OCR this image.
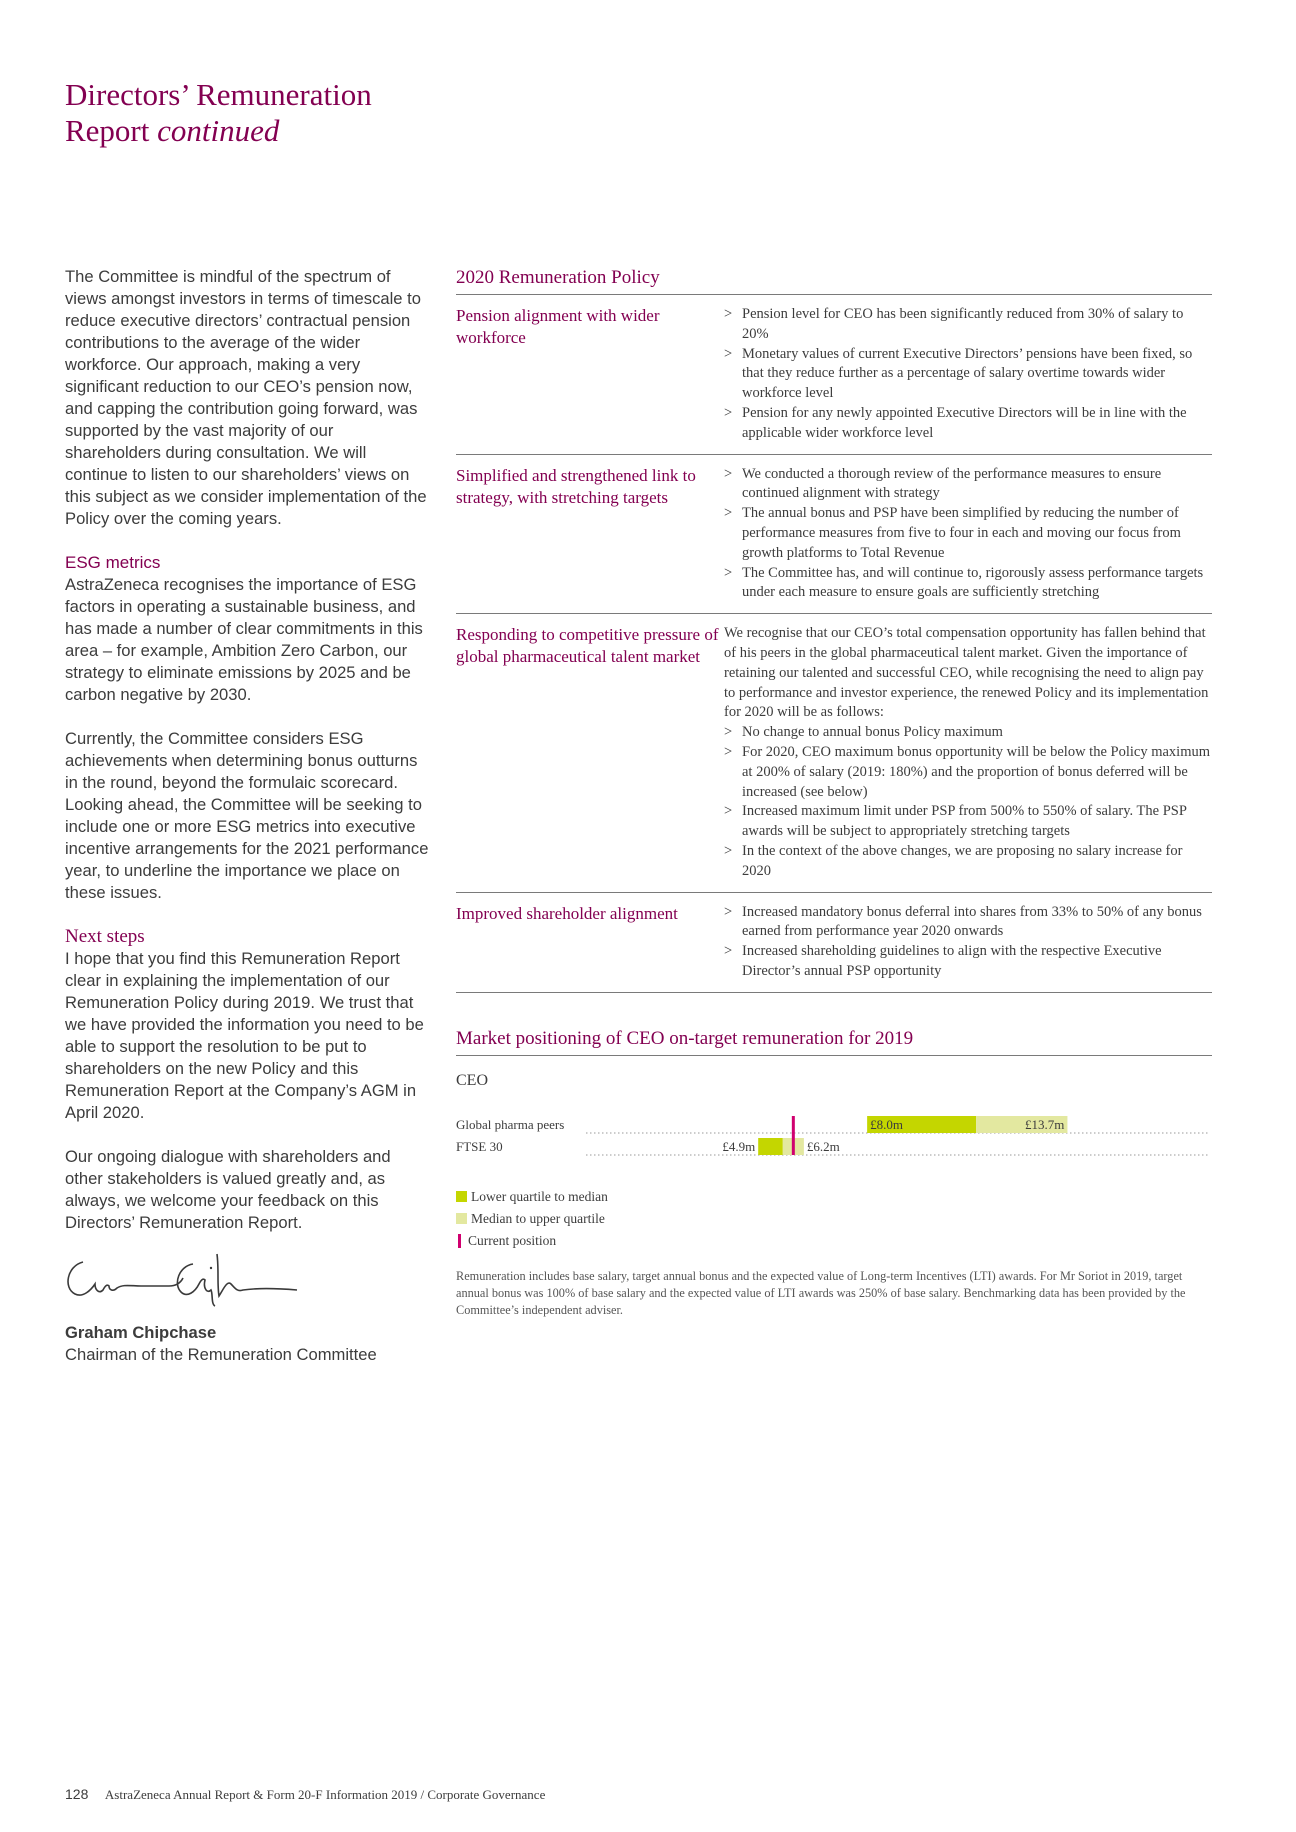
Directors’ Remuneration
Report continued

The Committee is mindful of the spectrum of views amongst investors in terms of timescale to reduce executive directors’ contractual pension contributions to the average of the wider workforce. Our approach, making a very significant reduction to our CEO’s pension now, and capping the contribution going forward, was supported by the vast majority of our shareholders during consultation. We will continue to listen to our shareholders’ views on this subject as we consider implementation of the Policy over the coming years.

ESG metrics

AstraZeneca recognises the importance of ESG factors in operating a sustainable business, and has made a number of clear commitments in this area – for example, Ambition Zero Carbon, our strategy to eliminate emissions by 2025 and be carbon negative by 2030.

Currently, the Committee considers ESG achievements when determining bonus outturns in the round, beyond the formulaic scorecard. Looking ahead, the Committee will be seeking to include one or more ESG metrics into executive incentive arrangements for the 2021 performance year, to underline the importance we place on these issues.

Next steps

I hope that you find this Remuneration Report clear in explaining the implementation of our Remuneration Policy during 2019. We trust that we have provided the information you need to be able to support the resolution to be put to shareholders on the new Policy and this Remuneration Report at the Company’s AGM in April 2020.

Our ongoing dialogue with shareholders and other stakeholders is valued greatly and, as always, we welcome your feedback on this Directors’ Remuneration Report.

Graham Chipchase

Chairman of the Remuneration Committee

2020 Remuneration Policy
Pension alignment with wider workforce
> Pension level for CEO has been significantly reduced from 30% of salary to 20%
> Monetary values of current Executive Directors’ pensions have been fixed, so that they reduce further as a percentage of salary overtime towards wider workforce level
> Pension for any newly appointed Executive Directors will be in line with the applicable wider workforce level
Simplified and strengthened link to strategy, with stretching targets
> We conducted a thorough review of the performance measures to ensure continued alignment with strategy
> The annual bonus and PSP have been simplified by reducing the number of performance measures from five to four in each and moving our focus from growth platforms to Total Revenue
> The Committee has, and will continue to, rigorously assess performance targets under each measure to ensure goals are sufficiently stretching
Responding to competitive pressure of global pharmaceutical talent market

We recognise that our CEO’s total compensation opportunity has fallen behind that of his peers in the global pharmaceutical talent market. Given the importance of retaining our talented and successful CEO, while recognising the need to align pay to performance and investor experience, the renewed Policy and its implementation for 2020 will be as follows:

> No change to annual bonus Policy maximum
> For 2020, CEO maximum bonus opportunity will be below the Policy maximum at 200% of salary (2019: 180%) and the proportion of bonus deferred will be increased (see below)
> Increased maximum limit under PSP from 500% to 550% of salary. The PSP awards will be subject to appropriately stretching targets
> In the context of the above changes, we are proposing no salary increase for 2020
Improved shareholder alignment	> Increased mandatory bonus deferral into shares from 33% to 50% of any bonus earned from performance year 2020 onwards
> Increased shareholding guidelines to align with the respective Executive Director’s annual PSP opportunity
Market positioning of CEO on-target remuneration for 2019
CEO
Global pharma peers	£8.0m	£13.7m
FTSE 30	£4.9m	£6.2m
Lower quartile to median
Median to upper quartile
Current position
Remuneration includes base salary, target annual bonus and the expected value of Long-term Incentives (LTI) awards. For Mr Soriot in 2019, target annual bonus was 100% of base salary and the expected value of LTI awards was 250% of base salary. Benchmarking data has been provided by the Committee’s independent adviser.
128 AstraZeneca Annual Report & Form 20-F Information 2019 / Corporate Governance
